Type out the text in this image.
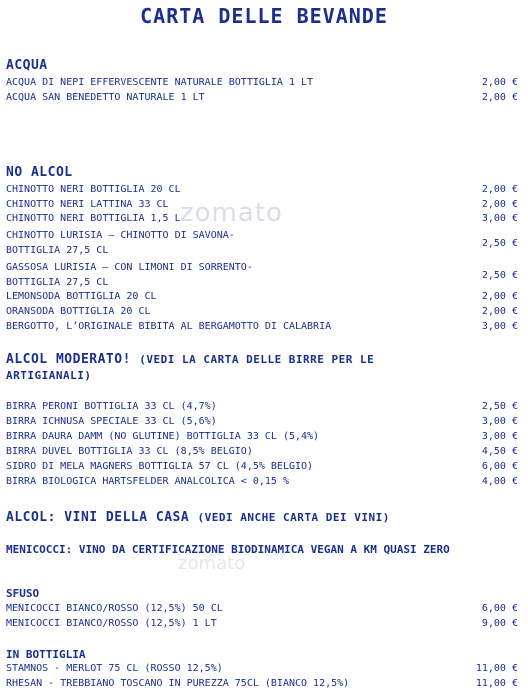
CARTA DELLE BEVANDE
zomato
zomato
ACQUA
ACQUA DI NEPI EFFERVESCENTE NATURALE BOTTIGLIA 1 LT	2,00 €
ACQUA SAN BENEDETTO NATURALE 1 LT	2,00 €
NO ALCOL
CHINOTTO NERI BOTTIGLIA 20 CL	2,00 €
CHINOTTO NERI LATTINA 33 CL	2,00 €
CHINOTTO NERI BOTTIGLIA 1,5 L	3,00 €
CHINOTTO LURISIA – CHINOTTO DI SAVONA-
BOTTIGLIA 27,5 CL
2,50 €
GASSOSA LURISIA – CON LIMONI DI SORRENTO-
BOTTIGLIA 27,5 CL
2,50 €
LEMONSODA BOTTIGLIA 20 CL	2,00 €
ORANSODA BOTTIGLIA 20 CL	2,00 €
BERGOTTO, L’ORIGINALE BIBITA AL BERGAMOTTO DI CALABRIA	3,00 €
ALCOL MODERATO! (VEDI LA CARTA DELLE BIRRE PER LE
ARTIGIANALI)
BIRRA PERONI BOTTIGLIA 33 CL (4,7%)	2,50 €
BIRRA ICHNUSA SPECIALE 33 CL (5,6%)	3,00 €
BIRRA DAURA DAMM (NO GLUTINE) BOTTIGLIA 33 CL (5,4%)	3,00 €
BIRRA DUVEL BOTTIGLIA 33 CL (8,5% BELGIO)	4,50 €
SIDRO DI MELA MAGNERS BOTTIGLIA 57 CL (4,5% BELGIO)	6,00 €
BIRRA BIOLOGICA HARTSFELDER ANALCOLICA < 0,15 %	4,00 €
ALCOL: VINI DELLA CASA (VEDI ANCHE CARTA DEI VINI)
MENICOCCI: VINO DA CERTIFICAZIONE BIODINAMICA VEGAN A KM QUASI ZERO
SFUSO
MENICOCCI BIANCO/ROSSO (12,5%) 50 CL	6,00 €
MENICOCCI BIANCO/ROSSO (12,5%) 1 LT	9,00 €
IN BOTTIGLIA
STAMNOS - MERLOT 75 CL (ROSSO 12,5%)	11,00 €
RHESAN - TREBBIANO TOSCANO IN PUREZZA 75CL (BIANCO 12,5%)	11,00 €
